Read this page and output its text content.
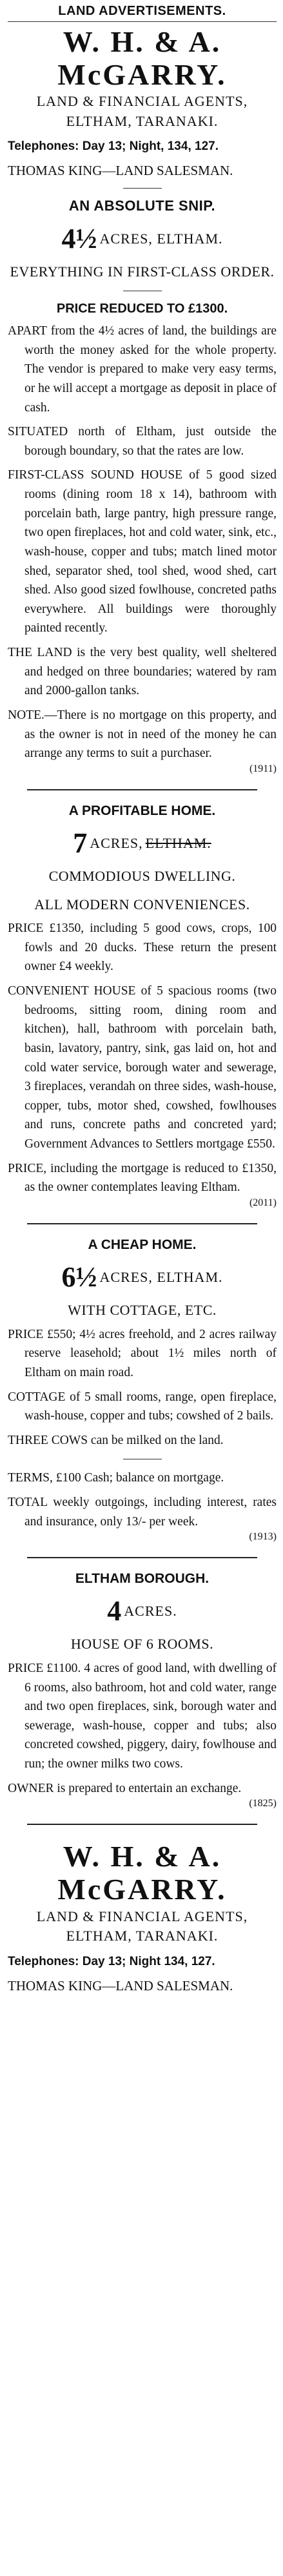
LAND ADVERTISEMENTS.

W. H. & A. McGARRY.

LAND & FINANCIAL AGENTS,

ELTHAM, TARANAKI.

Telephones: Day 13; Night, 134, 127.

THOMAS KING—LAND SALESMAN.

AN ABSOLUTE SNIP.

4½ ACRES, ELTHAM.

EVERYTHING IN FIRST-CLASS ORDER.

PRICE REDUCED TO £1300.

APART from the 4½ acres of land, the buildings are worth the money asked for the whole property. The vendor is prepared to make very easy terms, or he will accept a mortgage as deposit in place of cash.

SITUATED north of Eltham, just outside the borough boundary, so that the rates are low.

FIRST-CLASS SOUND HOUSE of 5 good sized rooms (dining room 18 x 14), bathroom with porcelain bath, large pantry, high pressure range, two open fireplaces, hot and cold water, sink, etc., wash-house, copper and tubs; match lined motor shed, separator shed, tool shed, wood shed, cart shed. Also good sized fowlhouse, concreted paths everywhere. All buildings were thoroughly painted recently.

THE LAND is the very best quality, well sheltered and hedged on three boundaries; watered by ram and 2000-gallon tanks.

NOTE.—There is no mortgage on this property, and as the owner is not in need of the money he can arrange any terms to suit a purchaser.

(1911)

A PROFITABLE HOME.

7 ACRES, ELTHAM.

COMMODIOUS DWELLING.

ALL MODERN CONVENIENCES.

PRICE £1350, including 5 good cows, crops, 100 fowls and 20 ducks. These return the present owner £4 weekly.

CONVENIENT HOUSE of 5 spacious rooms (two bedrooms, sitting room, dining room and kitchen), hall, bathroom with porcelain bath, basin, lavatory, pantry, sink, gas laid on, hot and cold water service, borough water and sewerage, 3 fireplaces, verandah on three sides, wash-house, copper, tubs, motor shed, cowshed, fowlhouses and runs, concrete paths and concreted yard; Government Advances to Settlers mortgage £550.

PRICE, including the mortgage is reduced to £1350, as the owner contemplates leaving Eltham.

(2011)

A CHEAP HOME.

6½ ACRES, ELTHAM.

WITH COTTAGE, ETC.

PRICE £550; 4½ acres freehold, and 2 acres railway reserve leasehold; about 1½ miles north of Eltham on main road.

COTTAGE of 5 small rooms, range, open fireplace, wash-house, copper and tubs; cowshed of 2 bails.

THREE COWS can be milked on the land.

TERMS, £100 Cash; balance on mortgage.

TOTAL weekly outgoings, including interest, rates and insurance, only 13/- per week.

(1913)

ELTHAM BOROUGH.

4 ACRES.

HOUSE OF 6 ROOMS.

PRICE £1100. 4 acres of good land, with dwelling of 6 rooms, also bathroom, hot and cold water, range and two open fireplaces, sink, borough water and sewerage, wash-house, copper and tubs; also concreted cowshed, piggery, dairy, fowlhouse and run; the owner milks two cows.

OWNER is prepared to entertain an exchange.

(1825)

W. H. & A. McGARRY.

LAND & FINANCIAL AGENTS,

ELTHAM, TARANAKI.

Telephones: Day 13; Night 134, 127.

THOMAS KING—LAND SALESMAN.
